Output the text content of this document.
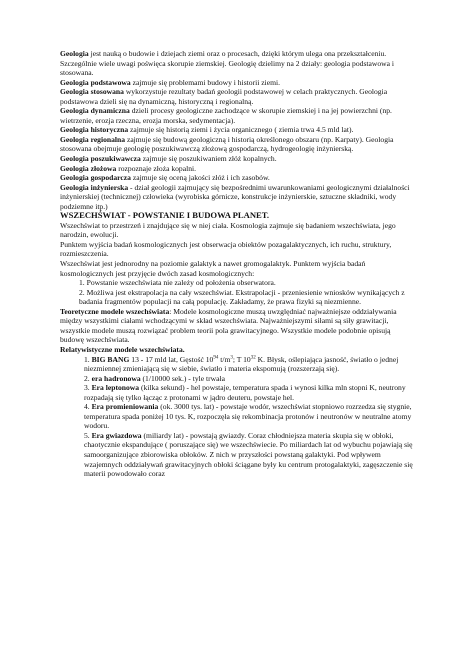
Geologia jest nauką o budowie i dziejach ziemi oraz o procesach, dzięki którym ulega ona przekształceniu. Szczególnie wiele uwagi poświęca skorupie ziemskiej. Geologię dzielimy na 2 działy: geologia podstawowa i stosowana.

Geologia podstawowa zajmuje się problemami budowy i historii ziemi.

Geologia stosowana wykorzystuje rezultaty badań geologii podstawowej w celach praktycznych. Geologia podstawowa dzieli się na dynamiczną, historyczną i regionalną.

Geologia dynamiczna dzieli procesy geologiczne zachodzące w skorupie ziemskiej i na jej powierzchni (np. wietrzenie, erozja rzeczna, erozja morska, sedymentacja).

Geologia historyczna zajmuje się historią ziemi i życia organicznego ( ziemia trwa 4.5 mld lat).

Geologia regionalna zajmuje się budową geologiczną i historią określonego obszaru (np. Karpaty). Geologia stosowana obejmuje geologię poszukiwawczą złożową gospodarczą, hydrogeologię inżynierską.

Geologia poszukiwawcza zajmuje się poszukiwaniem złóż kopalnych.

Geologia złożowa rozpoznaje złoża kopalni.

Geologia gospodarcza zajmuje się oceną jakości złóż i ich zasobów.

Geologia inżynierska - dział geologii zajmujący się bezpośrednimi uwarunkowaniami geologicznymi działalności inżynierskiej (technicznej) człowieka (wyrobiska górnicze, konstrukcje inżynierskie, sztuczne składniki, wody podziemne itp.)

WSZECHŚWIAT - POWSTANIE I BUDOWA PLANET.

Wszechświat to przestrzeń i znajdujące się w niej ciała. Kosmologia zajmuje się badaniem wszechświata, jego narodzin, ewolucji.

Punktem wyjścia badań kosmologicznych jest obserwacja obiektów pozagalaktycznych, ich ruchu, struktury, rozmieszczenia.

Wszechświat jest jednorodny na poziomie galaktyk a nawet gromogalaktyk. Punktem wyjścia badań kosmologicznych jest przyjęcie dwóch zasad kosmologicznych:

1. Powstanie wszechświata nie zależy od położenia obserwatora.

2. Możliwa jest ekstrapolacja na cały wszechświat. Ekstrapolacji - przeniesienie wniosków wynikających z badania fragmentów populacji na całą populację. Zakładamy, że prawa fizyki są niezmienne.

Teoretyczne modele wszechświata: Modele kosmologiczne muszą uwzględniać najważniejsze oddziaływania między wszystkimi ciałami wchodzącymi w skład wszechświata. Najważniejszymi siłami są siły grawitacji, wszystkie modele muszą rozwiązać problem teorii pola grawitacyjnego. Wszystkie modele podobnie opisują budowę wszechświata.

Relatywistyczne modele wszechświata.

1. BIG BANG 13 - 17 mld lat, Gęstość $10^{94}$ $t/m^3$; T $10^{32}$ K. Błysk, oślepiająca jasność, światło o jednej niezmiennej zmieniającą się w siebie, światło i materia ekspomują (rozszerzają się).

2. era hadronowa (1/10000 sek.) - tyle trwała

3. Era leptonowa (kilka sekund) - hel powstaje, temperatura spada i wynosi kilka mln stopni K, neutrony rozpadają się tylko łącząc z protonami w jądro deuteru, powstaje hel.

4. Era promieniowania (ok. 3000 tys. lat) - powstaje wodór, wszechświat stopniowo rozrzedza się stygnie, temperatura spada poniżej 10 tys. K, rozpoczęła się rekombinacja protonów i neutronów w neutralne atomy wodoru.

5. Era gwiazdowa (miliardy lat) - powstają gwiazdy. Coraz chłodniejsza materia skupia się w obłoki, chaotycznie ekspandujące ( poruszające się) we wszechświecie. Po miliardach lat od wybuchu pojawiają się samoorganizujące zbiorowiska obłoków. Z nich w przyszłości powstaną galaktyki. Pod wpływem wzajemnych oddziaływań grawitacyjnych obłoki ściągane były ku centrum protogalaktyki, zagęszczenie się materii powodowało coraz
